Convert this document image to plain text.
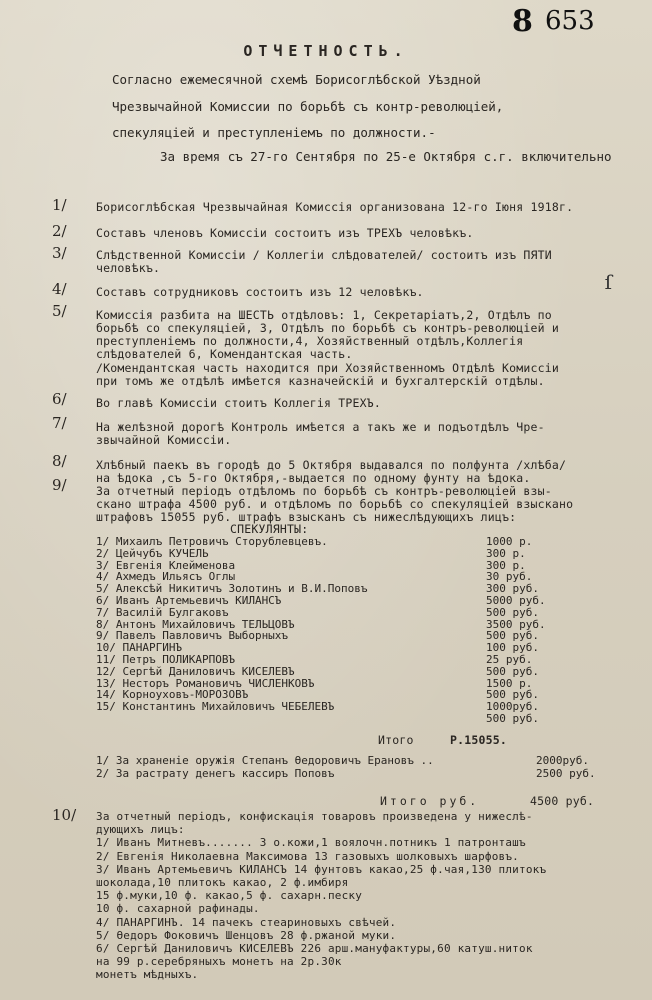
8 653
ОТЧЕТНОСТЬ.
Согласно ежемесячной схемѣ Борисоглѣбской Уѣздной
Чрезвычайной Комиссии по борьбѣ съ контр-революціей,
спекуляціей и преступленіемъ по должности.-
За время съ 27-го Сентября по 25-е Октября с.г. включительно
1/	Борисоглѣбская Чрезвычайная Комиссія организована 12-го Іюня 1918г.
2/	Составъ членовъ Комиссіи состоитъ изъ ТРЕХЪ человѣкъ.
3/	Слѣдственной Комиссіи / Коллегіи слѣдователей/ состоитъ изъ ПЯТИ
человѣкъ.
4/	Составъ сотрудниковъ состоитъ изъ 12 человѣкъ.	ſ
5/	Комиссія разбита на ШЕСТЬ отдѣловъ: 1, Секретаріатъ,2, Отдѣлъ по
борьбѣ со спекуляціей, 3, Отдѣлъ по борьбѣ съ контръ-революціей и
преступленіемъ по должности,4, Хозяйственный отдѣлъ,Коллегія
слѣдователей 6, Комендантская часть.
/Комендантская часть находится при Хозяйственномъ Отдѣлѣ Комиссіи
при томъ же отдѣлѣ имѣется казначейскій и бухгалтерскій отдѣлы.
6/	Во главѣ Комиссіи стоитъ Коллегія ТРЕХЪ.
7/	На желѣзной дорогѣ Контроль имѣется а такъ же и подъотдѣлъ Чре-
звычайной Комиссіи.
8/	Хлѣбный паекъ въ городѣ до 5 Октября выдавался по полфунта /хлѣба/
на ѣдока ,съ 5-го Октября,-выдается по одному фунту на ѣдока.
9/	За отчетный періодъ отдѣломъ по борьбѣ съ контръ-революціей взы-
скано штрафа 4500 руб. и отдѣломъ по борьбѣ со спекуляціей взыскано
штрафовъ 15055 руб. штрафъ взысканъ съ нижеслѣдующихъ лицъ:
СПЕКУЛЯНТЫ:
1/ Михаилъ Петровичъ Сторублевцевъ.	1000 р.
2/ Цейчубъ КУЧЕЛЬ	300 р.
3/ Евгенія Клейменова	300 р.
4/ Ахмедъ Ильясъ Оглы	30 руб.
5/ Алексѣй Никитичъ Золотинъ и В.И.Поповъ	300 руб.
6/ Иванъ Артемьевичъ КИЛАНСЪ	5000 руб.
7/ Василій Булгаковъ	500 руб.
8/ Антонъ Михайловичъ ТЕЛЬЦОВЪ	3500 руб.
9/ Павелъ Павловичъ Выборныхъ	500 руб.
10/ ПАНАРГИНЪ	100 руб.
11/ Петръ ПОЛИКАРПОВЪ	25 руб.
12/ Сергѣй Даниловичъ КИСЕЛЕВЪ	500 руб.
13/ Несторъ Романовичъ ЧИСЛЕНКОВЪ	1500 р.
14/ Корноуховъ-МОРОЗОВЪ	500 руб.
15/ Константинъ Михайловичъ ЧЕБЕЛЕВЪ	1000руб.
500 руб.
Итого	Р.15055.
1/ За храненіе оружія Степанъ Өедоровичъ Ерановъ ..	2000руб.
2/ За растрату денегъ кассиръ Поповъ	2500 руб.
Итого руб.	4500 руб.
10/ За отчетный періодъ, конфискація товаровъ произведена у нижеслѣ-
дующихъ лицъ:
1/ Иванъ Митневъ....... 3 о.кожи,1 воялочн.потникъ 1 патронташъ
2/ Евгенія Николаевна Максимова 13 газовыхъ шолковыхъ шарфовъ.
3/ Иванъ Артемьевичъ КИЛАНСЪ 14 фунтовъ какао,25 ф.чая,130 плитокъ
шоколада,10 плитокъ какао, 2 ф.имбиря
15 ф.муки,10 ф. какао,5 ф. сахарн.песку
10 ф. сахарной рафинады.
4/ ПАНАРГИНЪ. 14 пачекъ стеариновыхъ свѣчей.
5/ Өедоръ Фоковичъ Шенцовъ 28 ф.ржаной муки.
6/ Сергѣй Даниловичъ КИСЕЛЕВЪ 226 арш.мануфактуры,60 катуш.ниток
на 99 р.серебряныхъ монетъ на 2р.30к
монетъ мѣдныхъ.
